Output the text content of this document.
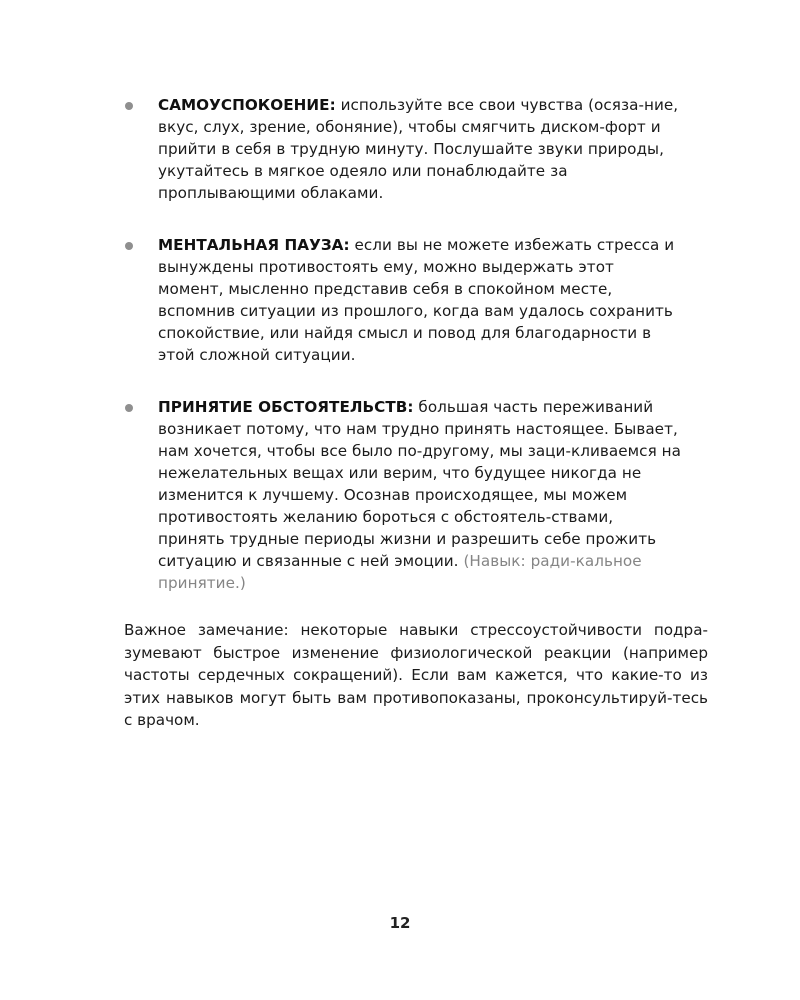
САМОУСПОКОЕНИЕ: используйте все свои чувства (осяза-ние, вкус, слух, зрение, обоняние), чтобы смягчить диском-форт и прийти в себя в трудную минуту. Послушайте звуки природы, укутайтесь в мягкое одеяло или понаблюдайте за проплывающими облаками.
МЕНТАЛЬНАЯ ПАУЗА: если вы не можете избежать стресса и вынуждены противостоять ему, можно выдержать этот момент, мысленно представив себя в спокойном месте, вспомнив ситуации из прошлого, когда вам удалось сохранить спокойствие, или найдя смысл и повод для благодарности в этой сложной ситуации.
ПРИНЯТИЕ ОБСТОЯТЕЛЬСТВ: большая часть переживаний возникает потому, что нам трудно принять настоящее. Бывает, нам хочется, чтобы все было по-другому, мы заци-кливаемся на нежелательных вещах или верим, что будущее никогда не изменится к лучшему. Осознав происходящее, мы можем противостоять желанию бороться с обстоятель-ствами, принять трудные периоды жизни и разрешить себе прожить ситуацию и связанные с ней эмоции. (Навык: ради-кальное принятие.)

Важное замечание: некоторые навыки стрессоустойчивости подра-зумевают быстрое изменение физиологической реакции (например частоты сердечных сокращений). Если вам кажется, что какие-то из этих навыков могут быть вам противопоказаны, проконсультируй-тесь с врачом.

12
